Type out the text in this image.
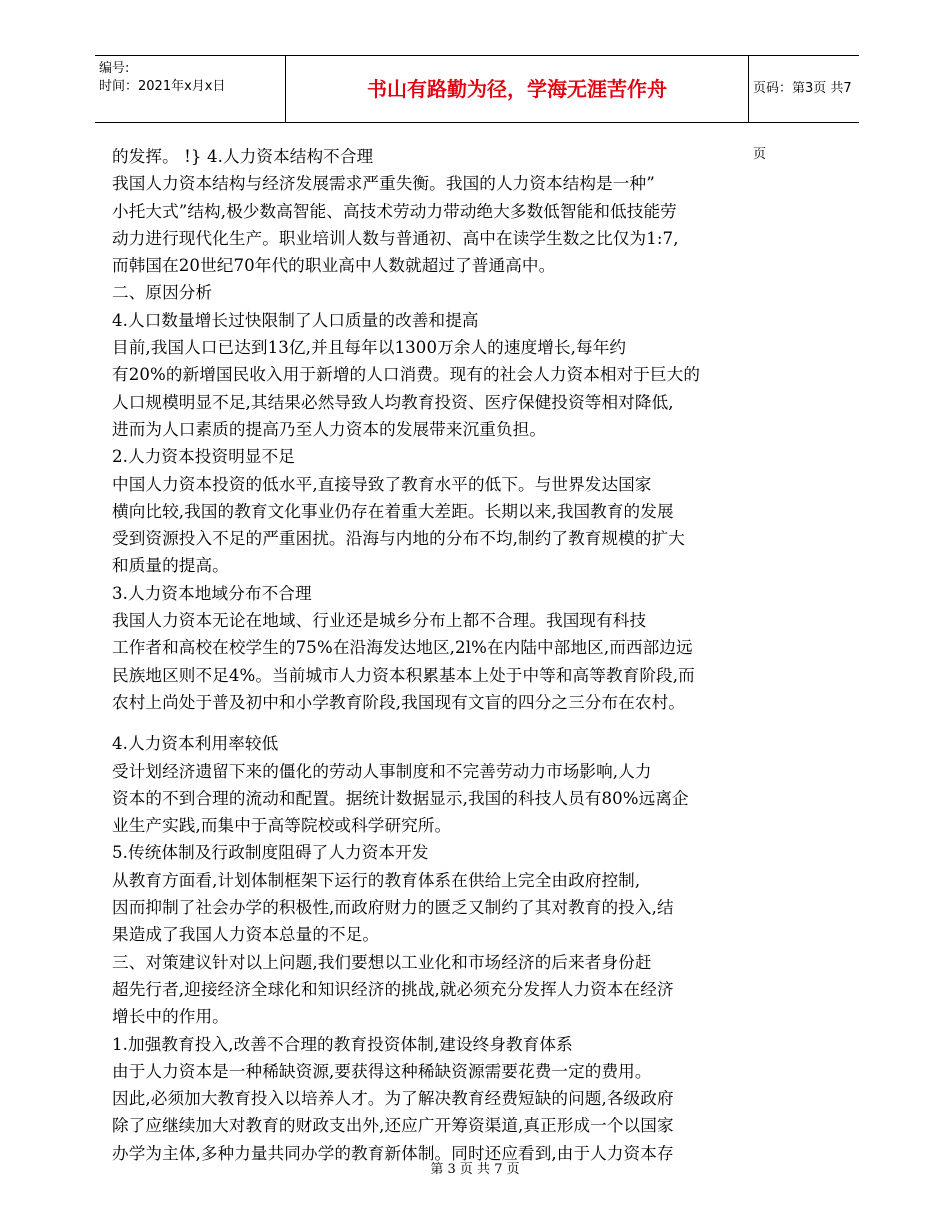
编号:
时间：2021年x月x日	书山有路勤为径，学海无涯苦作舟	页码：第3页 共7页
的发挥。 !} 4.人力资本结构不合理
我国人力资本结构与经济发展需求严重失衡。我国的人力资本结构是一种”
小托大式”结构,极少数高智能、高技术劳动力带动绝大多数低智能和低技能劳
动力进行现代化生产。职业培训人数与普通初、高中在读学生数之比仅为1:7,
而韩国在20世纪70年代的职业高中人数就超过了普通高中。
二、原因分析
4.人口数量增长过快限制了人口质量的改善和提高
目前,我国人口已达到13亿,并且每年以1300万余人的速度增长,每年约
有20%的新增国民收入用于新增的人口消费。现有的社会人力资本相对于巨大的
人口规模明显不足,其结果必然导致人均教育投资、医疗保健投资等相对降低,
进而为人口素质的提高乃至人力资本的发展带来沉重负担。
2.人力资本投资明显不足
中国人力资本投资的低水平,直接导致了教育水平的低下。与世界发达国家
横向比较,我国的教育文化事业仍存在着重大差距。长期以来,我国教育的发展
受到资源投入不足的严重困扰。沿海与内地的分布不均,制约了教育规模的扩大
和质量的提高。
3.人力资本地域分布不合理
我国人力资本无论在地域、行业还是城乡分布上都不合理。我国现有科技
工作者和高校在校学生的75%在沿海发达地区,2l%在内陆中部地区,而西部边远
民族地区则不足4%。当前城市人力资本积累基本上处于中等和高等教育阶段,而
农村上尚处于普及初中和小学教育阶段,我国现有文盲的四分之三分布在农村。
4.人力资本利用率较低
受计划经济遗留下来的僵化的劳动人事制度和不完善劳动力市场影响,人力
资本的不到合理的流动和配置。据统计数据显示,我国的科技人员有80%远离企
业生产实践,而集中于高等院校或科学研究所。
5.传统体制及行政制度阻碍了人力资本开发
从教育方面看,计划体制框架下运行的教育体系在供给上完全由政府控制,
因而抑制了社会办学的积极性,而政府财力的匮乏又制约了其对教育的投入,结
果造成了我国人力资本总量的不足。
三、对策建议针对以上问题,我们要想以工业化和市场经济的后来者身份赶
超先行者,迎接经济全球化和知识经济的挑战,就必须充分发挥人力资本在经济
增长中的作用。
1.加强教育投入,改善不合理的教育投资体制,建设终身教育体系
由于人力资本是一种稀缺资源,要获得这种稀缺资源需要花费一定的费用。
因此,必须加大教育投入以培养人才。为了解决教育经费短缺的问题,各级政府
除了应继续加大对教育的财政支出外,还应广开筹资渠道,真正形成一个以国家
办学为主体,多种力量共同办学的教育新体制。同时还应看到,由于人力资本存
第 3 页 共 7 页
